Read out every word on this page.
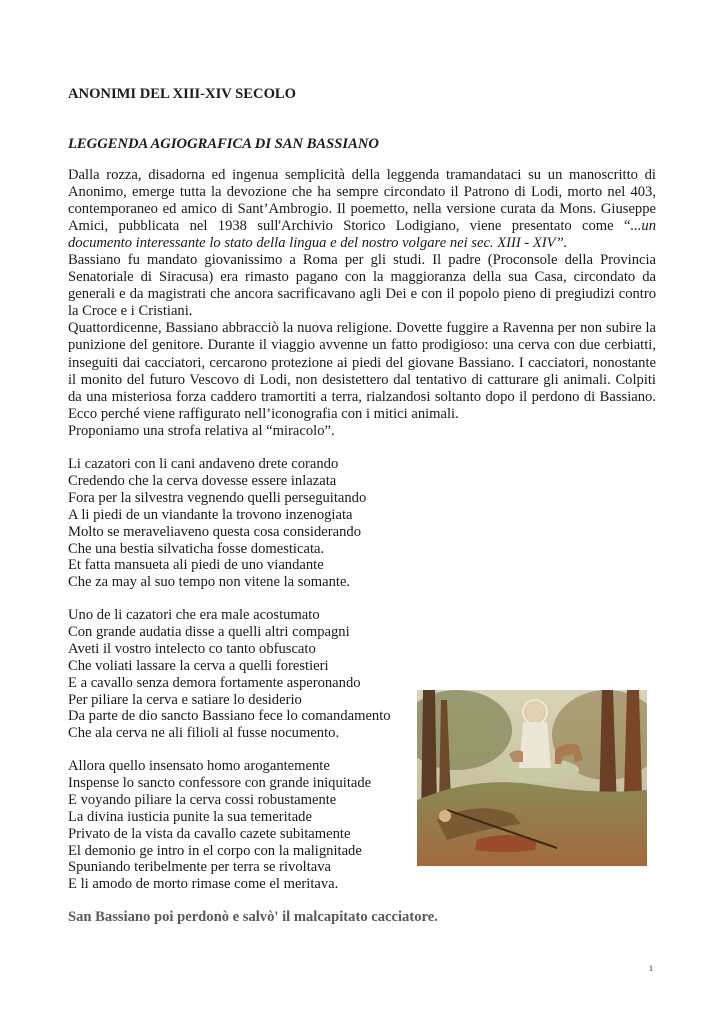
ANONIMI DEL XIII-XIV SECOLO
LEGGENDA AGIOGRAFICA DI SAN BASSIANO

Dalla rozza, disadorna ed ingenua semplicità della leggenda tramandataci su un manoscritto di Anonimo, emerge tutta la devozione che ha sempre circondato il Patrono di Lodi, morto nel 403, contemporaneo ed amico di Sant’Ambrogio. Il poemetto, nella versione curata da Mons. Giuseppe Amici, pubblicata nel 1938 sull'Archivio Storico Lodigiano, viene presentato come “...un documento interessante lo stato della lingua e del nostro volgare nei sec. XIII - XIV”.

Bassiano fu mandato giovanissimo a Roma per gli studi. Il padre (Proconsole della Provincia Senatoriale di Siracusa) era rimasto pagano con la maggioranza della sua Casa, circondato da generali e da magistrati che ancora sacrificavano agli Dei e con il popolo pieno di pregiudizi contro la Croce e i Cristiani.

Quattordicenne, Bassiano abbracciò la nuova religione. Dovette fuggire a Ravenna per non subire la punizione del genitore. Durante il viaggio avvenne un fatto prodigioso: una cerva con due cerbiatti, inseguiti dai cacciatori, cercarono protezione ai piedi del giovane Bassiano. I cacciatori, nonostante il monito del futuro Vescovo di Lodi, non desistettero dal tentativo di catturare gli animali. Colpiti da una misteriosa forza caddero tramortiti a terra, rialzandosi soltanto dopo il perdono di Bassiano. Ecco perché viene raffigurato nell’iconografia con i mitici animali.

Proponiamo una strofa relativa al “miracolo”.

Li cazatori con li cani andaveno drete corando
Credendo che la cerva dovesse essere inlazata
Fora per la silvestra vegnendo quelli perseguitando
A li piedi de un viandante la trovono inzenogiata
Molto se meraveliaveno questa cosa considerando
Che una bestia silvaticha fosse domesticata.
Et fatta mansueta ali piedi de uno viandante
Che za may al suo tempo non vitene la somante.
Uno de li cazatori che era male acostumato
Con grande audatia disse a quelli altri compagni
Aveti il vostro intelecto co tanto obfuscato
Che voliati lassare la cerva a quelli forestieri
E a cavallo senza demora fortamente asperonando
Per piliare la cerva e satiare lo desiderio
Da parte de dio sancto Bassiano fece lo comandamento
Che ala cerva ne ali filioli al fusse nocumento.
Allora quello insensato homo arogantemente
Inspense lo sancto confessore con grande iniquitade
E voyando piliare la cerva cossi robustamente
La divina iusticia punite la sua temeritade
Privato de la vista da cavallo cazete subitamente
El demonio ge intro in el corpo con la malignitade
Spuniando teribelmente per terra se rivoltava
E li amodo de morto rimase come el meritava.

San Bassiano poi perdonò e salvò' il malcapitato cacciatore.

1
